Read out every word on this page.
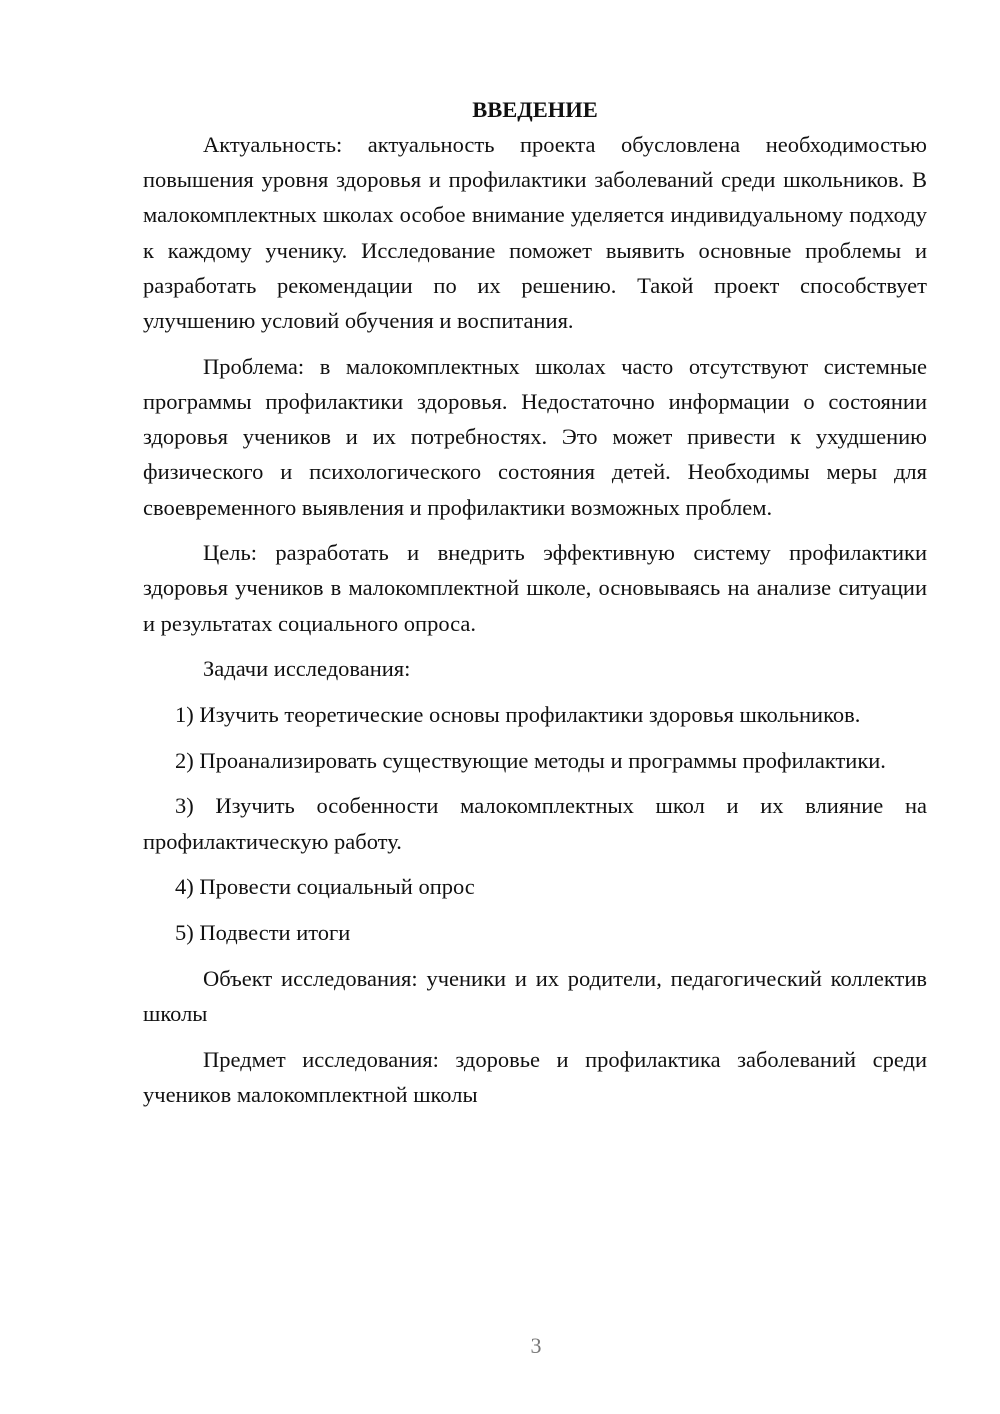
ВВЕДЕНИЕ

Актуальность: актуальность проекта обусловлена необходимостью повышения уровня здоровья и профилактики заболеваний среди школьников. В малокомплектных школах особое внимание уделяется индивидуальному подходу к каждому ученику. Исследование поможет выявить основные проблемы и разработать рекомендации по их решению. Такой проект способствует улучшению условий обучения и воспитания.

Проблема: в малокомплектных школах часто отсутствуют системные программы профилактики здоровья. Недостаточно информации о состоянии здоровья учеников и их потребностях. Это может привести к ухудшению физического и психологического состояния детей. Необходимы меры для своевременного выявления и профилактики возможных проблем.

Цель: разработать и внедрить эффективную систему профилактики здоровья учеников в малокомплектной школе, основываясь на анализе ситуации и результатах социального опроса.

Задачи исследования:

1) Изучить теоретические основы профилактики здоровья школьников.

2) Проанализировать существующие методы и программы профилактики.

3) Изучить особенности малокомплектных школ и их влияние на профилактическую работу.

4) Провести социальный опрос

5) Подвести итоги

Объект исследования: ученики и их родители, педагогический коллектив школы

Предмет исследования: здоровье и профилактика заболеваний среди учеников малокомплектной школы

3
